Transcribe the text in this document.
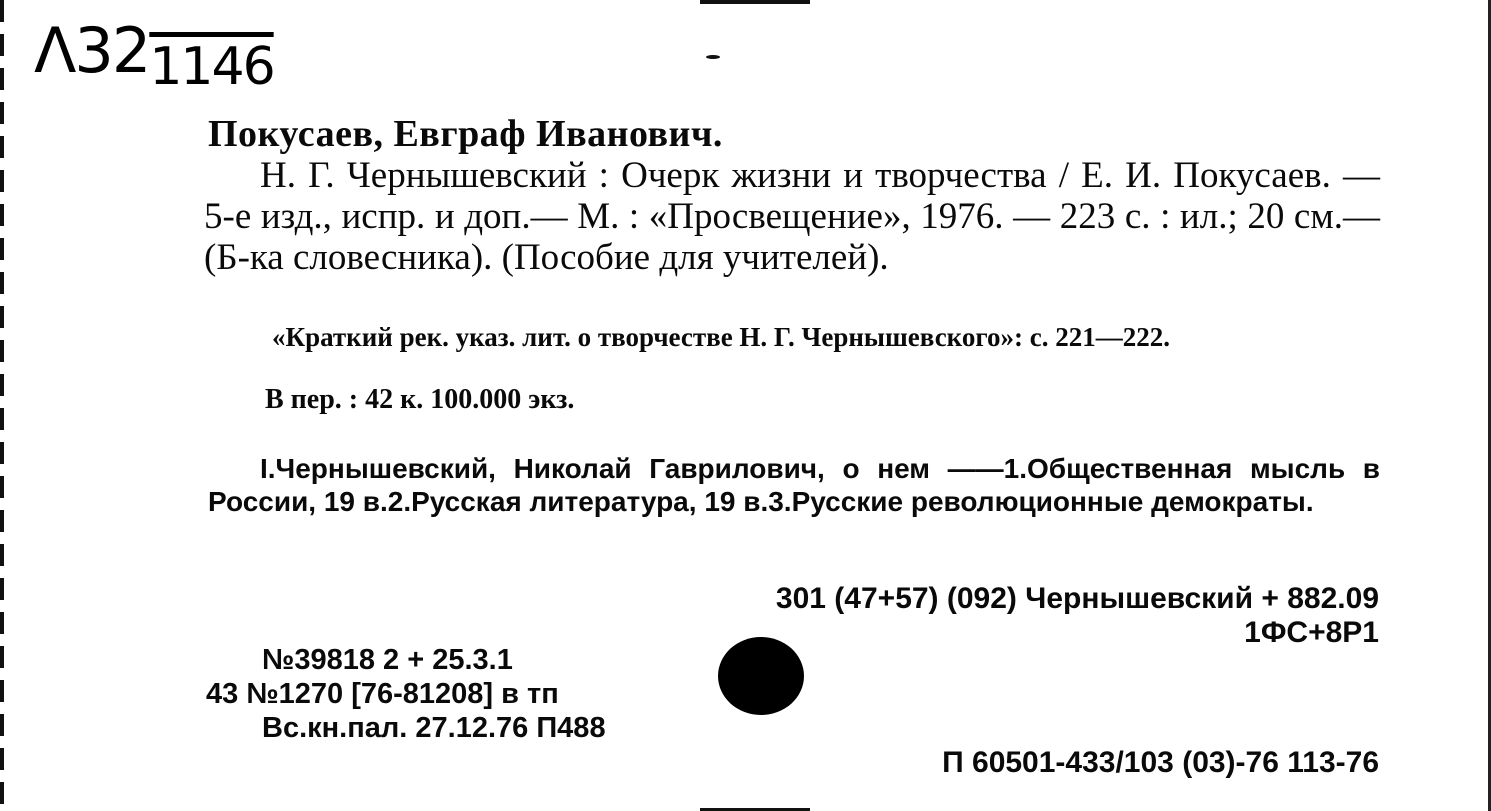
$\Lambda 32_{1146}$
Покусаев, Евграф Иванович.

Н. Г. Чернышевский : Очерк жизни и творчества / Е. И. Покусаев. — 5-е изд., испр. и доп.— М. : «Просвещение», 1976. — 223 с. : ил.; 20 см.— (Б-ка словесника). (Пособие для учителей).

«Краткий рек. указ. лит. о творчестве Н. Г. Чернышевского»: с. 221—222.

В пер. : 42 к. 100.000 экз.

I.Чернышевский, Николай Гаврилович, о нем ——1.Общественная мысль в России, 19 в.2.Русская литература, 19 в.3.Русские революционные демократы.

301 (47+57) (092) Чернышевский + 882.09
1ФС+8Р1
№39818 2 + 25.3.1
43 №1270 [76-81208] в тп
Вс.кн.пал. 27.12.76 П488
П 60501-433/103 (03)-76 113-76
